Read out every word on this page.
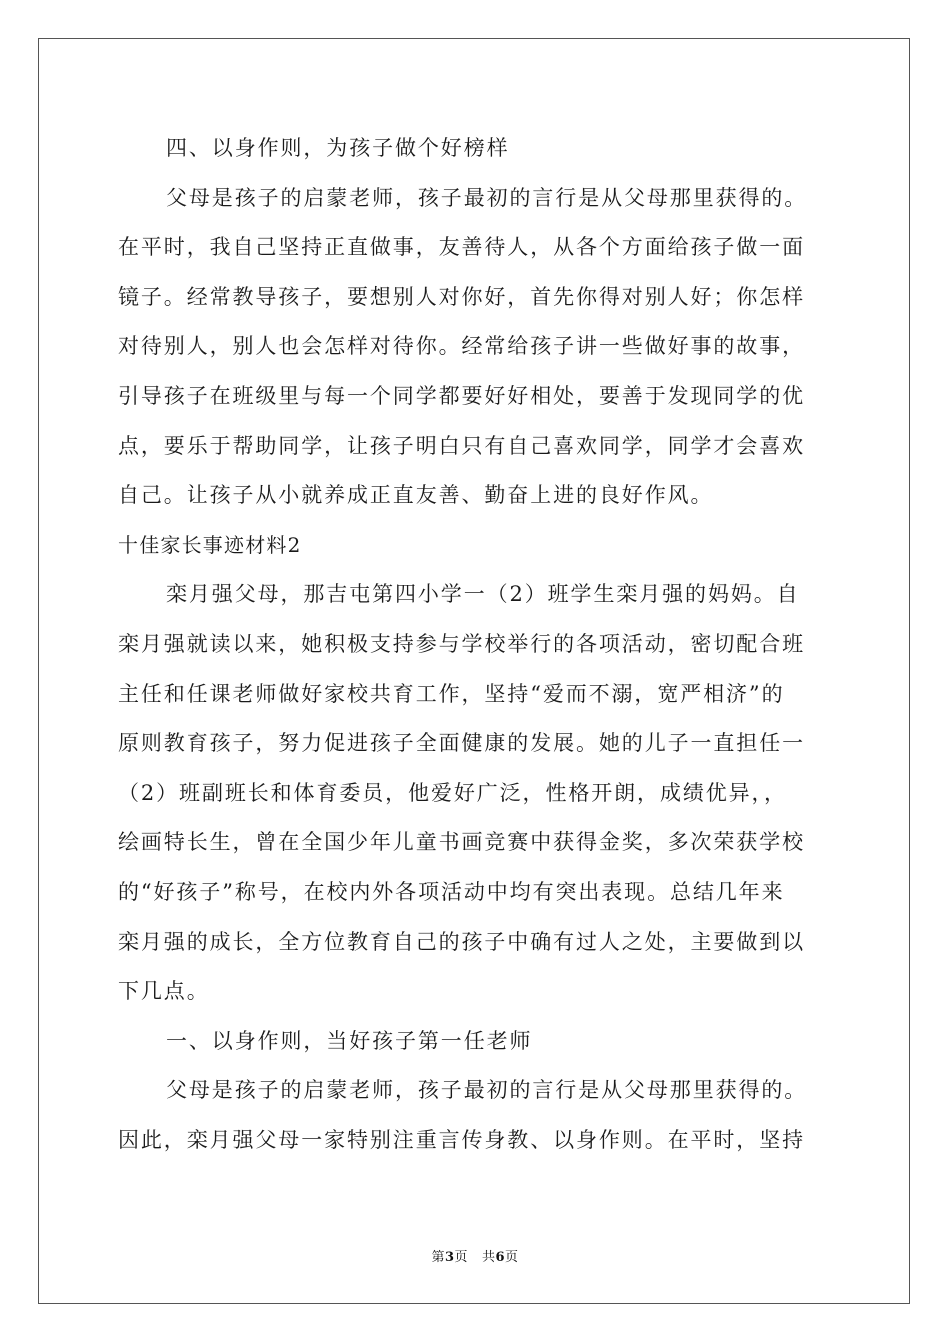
四、以身作则，为孩子做个好榜样
父母是孩子的启蒙老师，孩子最初的言行是从父母那里获得的。
在平时，我自己坚持正直做事，友善待人，从各个方面给孩子做一面
镜子。经常教导孩子，要想别人对你好，首先你得对别人好；你怎样
对待别人，别人也会怎样对待你。经常给孩子讲一些做好事的故事，
引导孩子在班级里与每一个同学都要好好相处，要善于发现同学的优
点，要乐于帮助同学，让孩子明白只有自己喜欢同学，同学才会喜欢
自己。让孩子从小就养成正直友善、勤奋上进的良好作风。
十佳家长事迹材料2
栾月强父母，那吉屯第四小学一（2）班学生栾月强的妈妈。自
栾月强就读以来，她积极支持参与学校举行的各项活动，密切配合班
主任和任课老师做好家校共育工作，坚持“爱而不溺，宽严相济”的
原则教育孩子，努力促进孩子全面健康的发展。她的儿子一直担任一
（2）班副班长和体育委员，他爱好广泛，性格开朗，成绩优异，，
绘画特长生，曾在全国少年儿童书画竞赛中获得金奖，多次荣获学校
的“好孩子”称号，在校内外各项活动中均有突出表现。总结几年来
栾月强的成长，全方位教育自己的孩子中确有过人之处，主要做到以
下几点。
一、以身作则，当好孩子第一任老师
父母是孩子的启蒙老师，孩子最初的言行是从父母那里获得的。
因此，栾月强父母一家特别注重言传身教、以身作则。在平时，坚持
第3页 共6页
